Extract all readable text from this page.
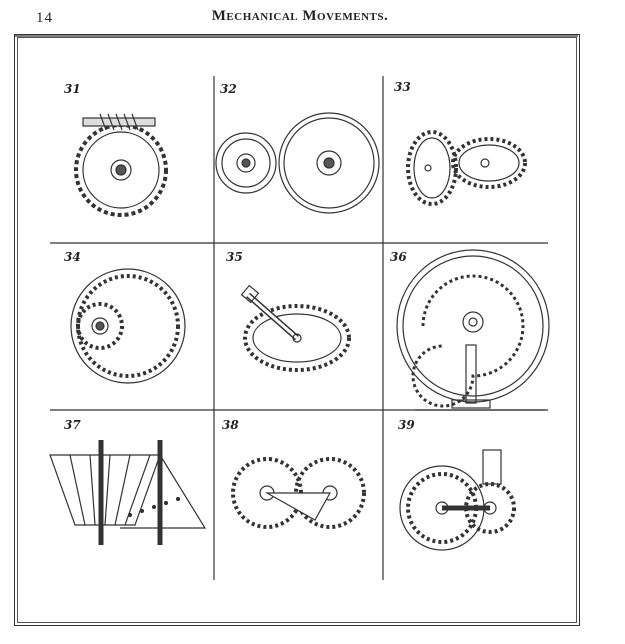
14	Mechanical Movements.
31	32	33
34	35	36
37	38	39
